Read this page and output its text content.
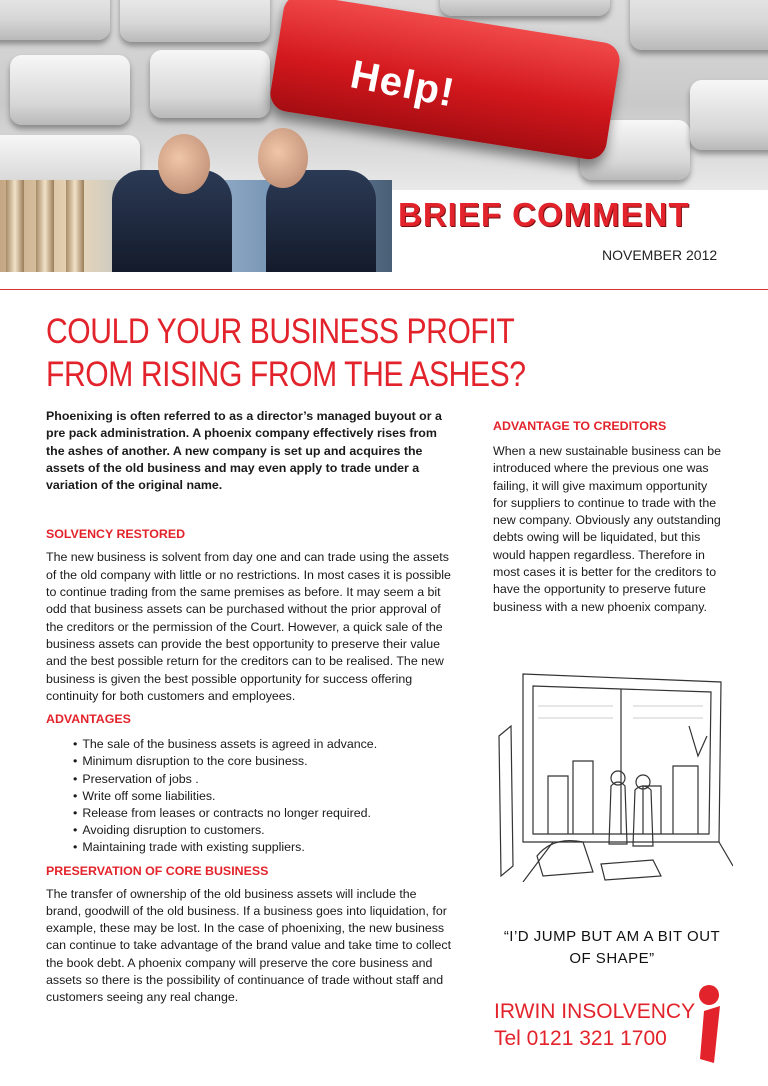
Help!
BRIEF COMMENT
NOVEMBER 2012
COULD YOUR BUSINESS PROFIT FROM RISING FROM THE ASHES?

Phoenixing is often referred to as a director’s managed buyout or a pre pack administration. A phoenix company effectively rises from the ashes of another. A new company is set up and acquires the assets of the old business and may even apply to trade under a variation of the original name.

SOLVENCY RESTORED

The new business is solvent from day one and can trade using the assets of the old company with little or no restrictions. In most cases it is possible to continue trading from the same premises as before. It may seem a bit odd that business assets can be purchased without the prior approval of the creditors or the permission of the Court. However, a quick sale of the business assets can provide the best opportunity to preserve their value and the best possible return for the creditors can to be realised. The new business is given the best possible opportunity for success offering continuity for both customers and employees.

ADVANTAGES
• The sale of the business assets is agreed in advance.
• Minimum disruption to the core business.
• Preservation of jobs .
• Write off some liabilities.
• Release from leases or contracts no longer required.
• Avoiding disruption to customers.
• Maintaining trade with existing suppliers.
PRESERVATION OF CORE BUSINESS

The transfer of ownership of the old business assets will include the brand, goodwill of the old business. If a business goes into liquidation, for example, these may be lost. In the case of phoenixing, the new business can continue to take advantage of the brand value and take time to collect the book debt. A phoenix company will preserve the core business and assets so there is the possibility of continuance of trade without staff and customers seeing any real change.

ADVANTAGE TO CREDITORS

When a new sustainable business can be introduced where the previous one was failing, it will give maximum opportunity for suppliers to continue to trade with the new company. Obviously any outstanding debts owing will be liquidated, but this would happen regardless. Therefore in most cases it is better for the creditors to have the opportunity to preserve future business with a new phoenix company.

“I’D JUMP BUT AM A BIT OUT OF SHAPE”
IRWIN INSOLVENCY
Tel 0121 321 1700
